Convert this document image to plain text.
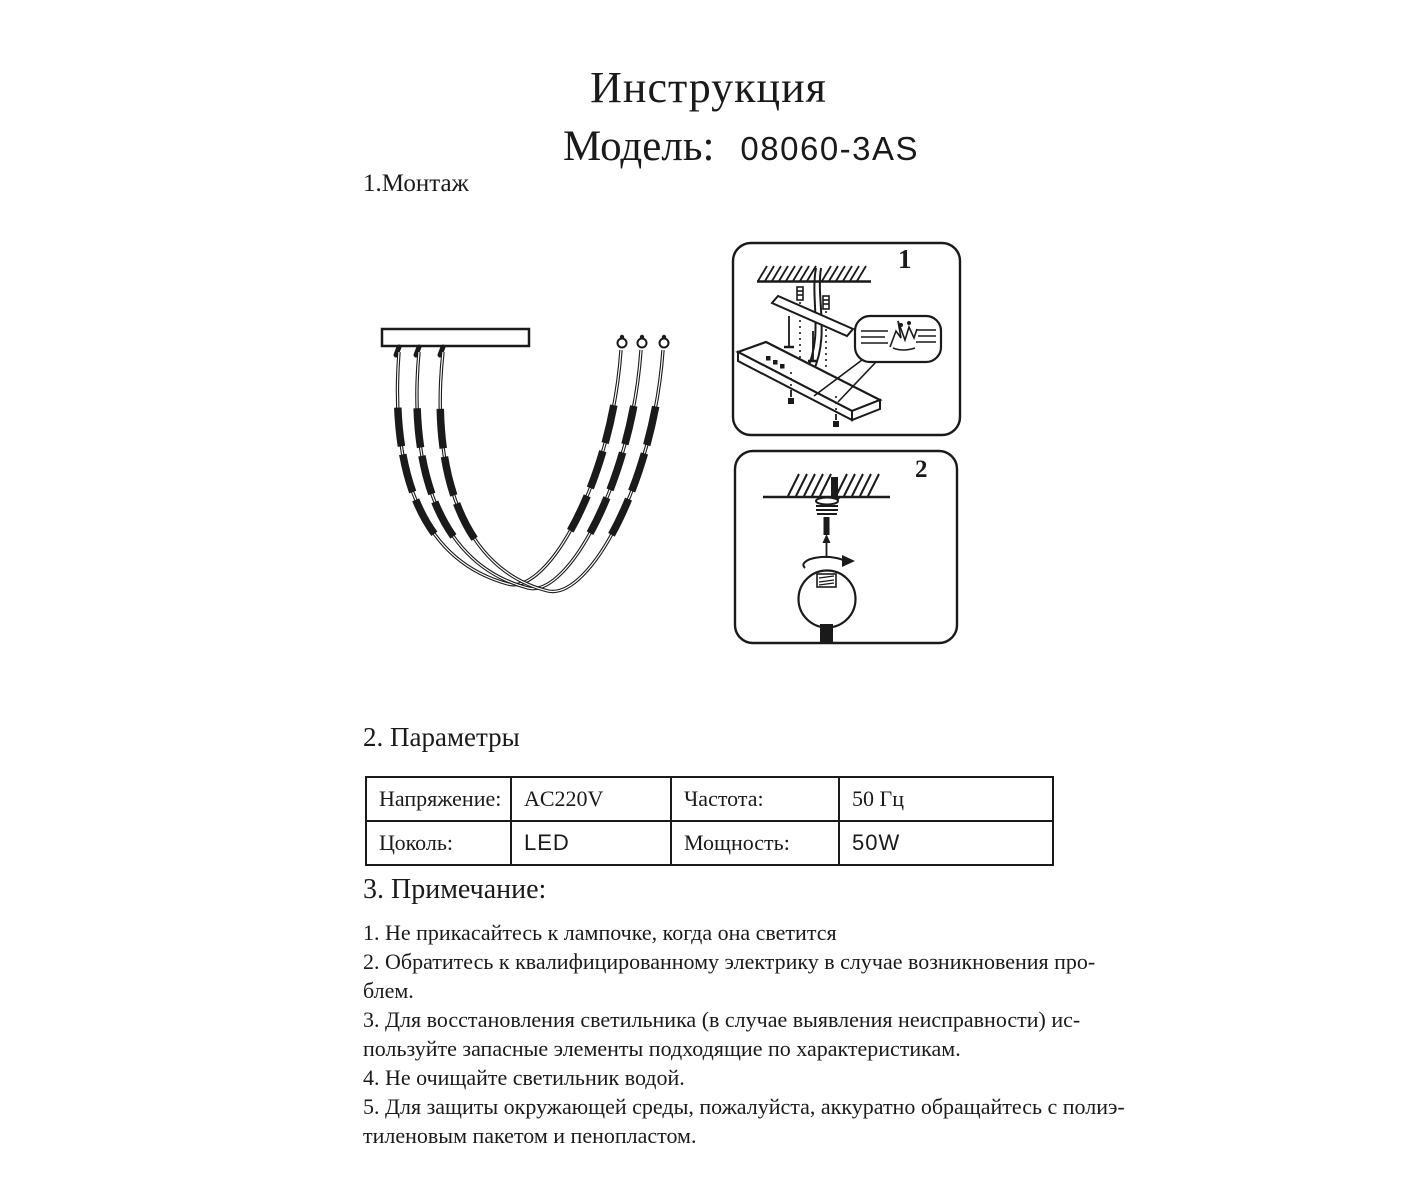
Инструкция
Модель: 08060-3AS
1.Монтаж
1
2
2. Параметры
Напряжение:	AC220V	Частота:	50 Гц
Цоколь:	LED	Мощность:	50W
3. Примечание:
1. Не прикасайтесь к лампочке, когда она светится
2. Обратитесь к квалифицированному электрику в случае возникновения про-
блем.
3. Для восстановления светильника (в случае выявления неисправности) ис-
пользуйте запасные элементы подходящие по характеристикам.
4. Не очищайте светильник водой.
5. Для защиты окружающей среды, пожалуйста, аккуратно обращайтесь с полиэ-
тиленовым пакетом и пенопластом.
